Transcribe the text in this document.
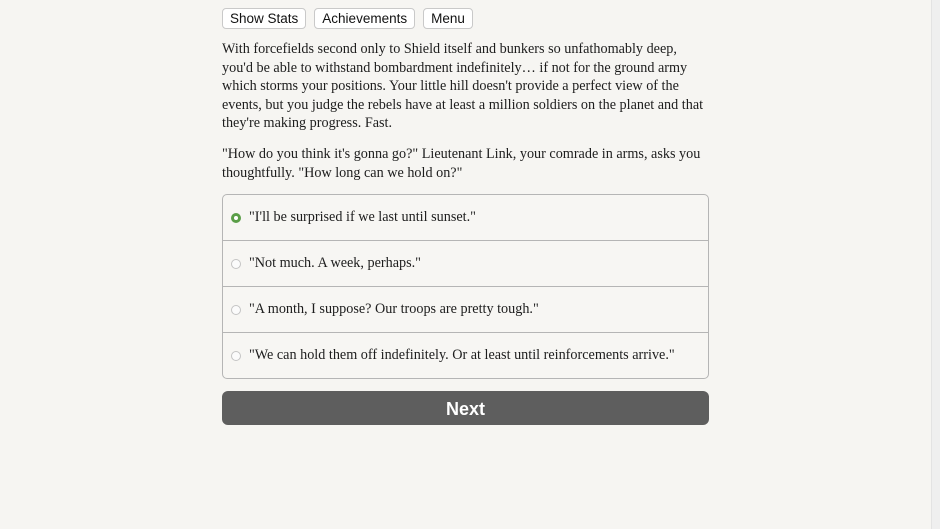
Show Stats	Achievements	Menu

With forcefields second only to Shield itself and bunkers so unfathomably deep, you'd be able to withstand bombardment indefinitely… if not for the ground army which storms your positions. Your little hill doesn't provide a perfect view of the events, but you judge the rebels have at least a million soldiers on the planet and that they're making progress. Fast.

"How do you think it's gonna go?" Lieutenant Link, your comrade in arms, asks you thoughtfully. "How long can we hold on?"

"I'll be surprised if we last until sunset."
"Not much. A week, perhaps."
"A month, I suppose? Our troops are pretty tough."
"We can hold them off indefinitely. Or at least until reinforcements arrive."
Next
